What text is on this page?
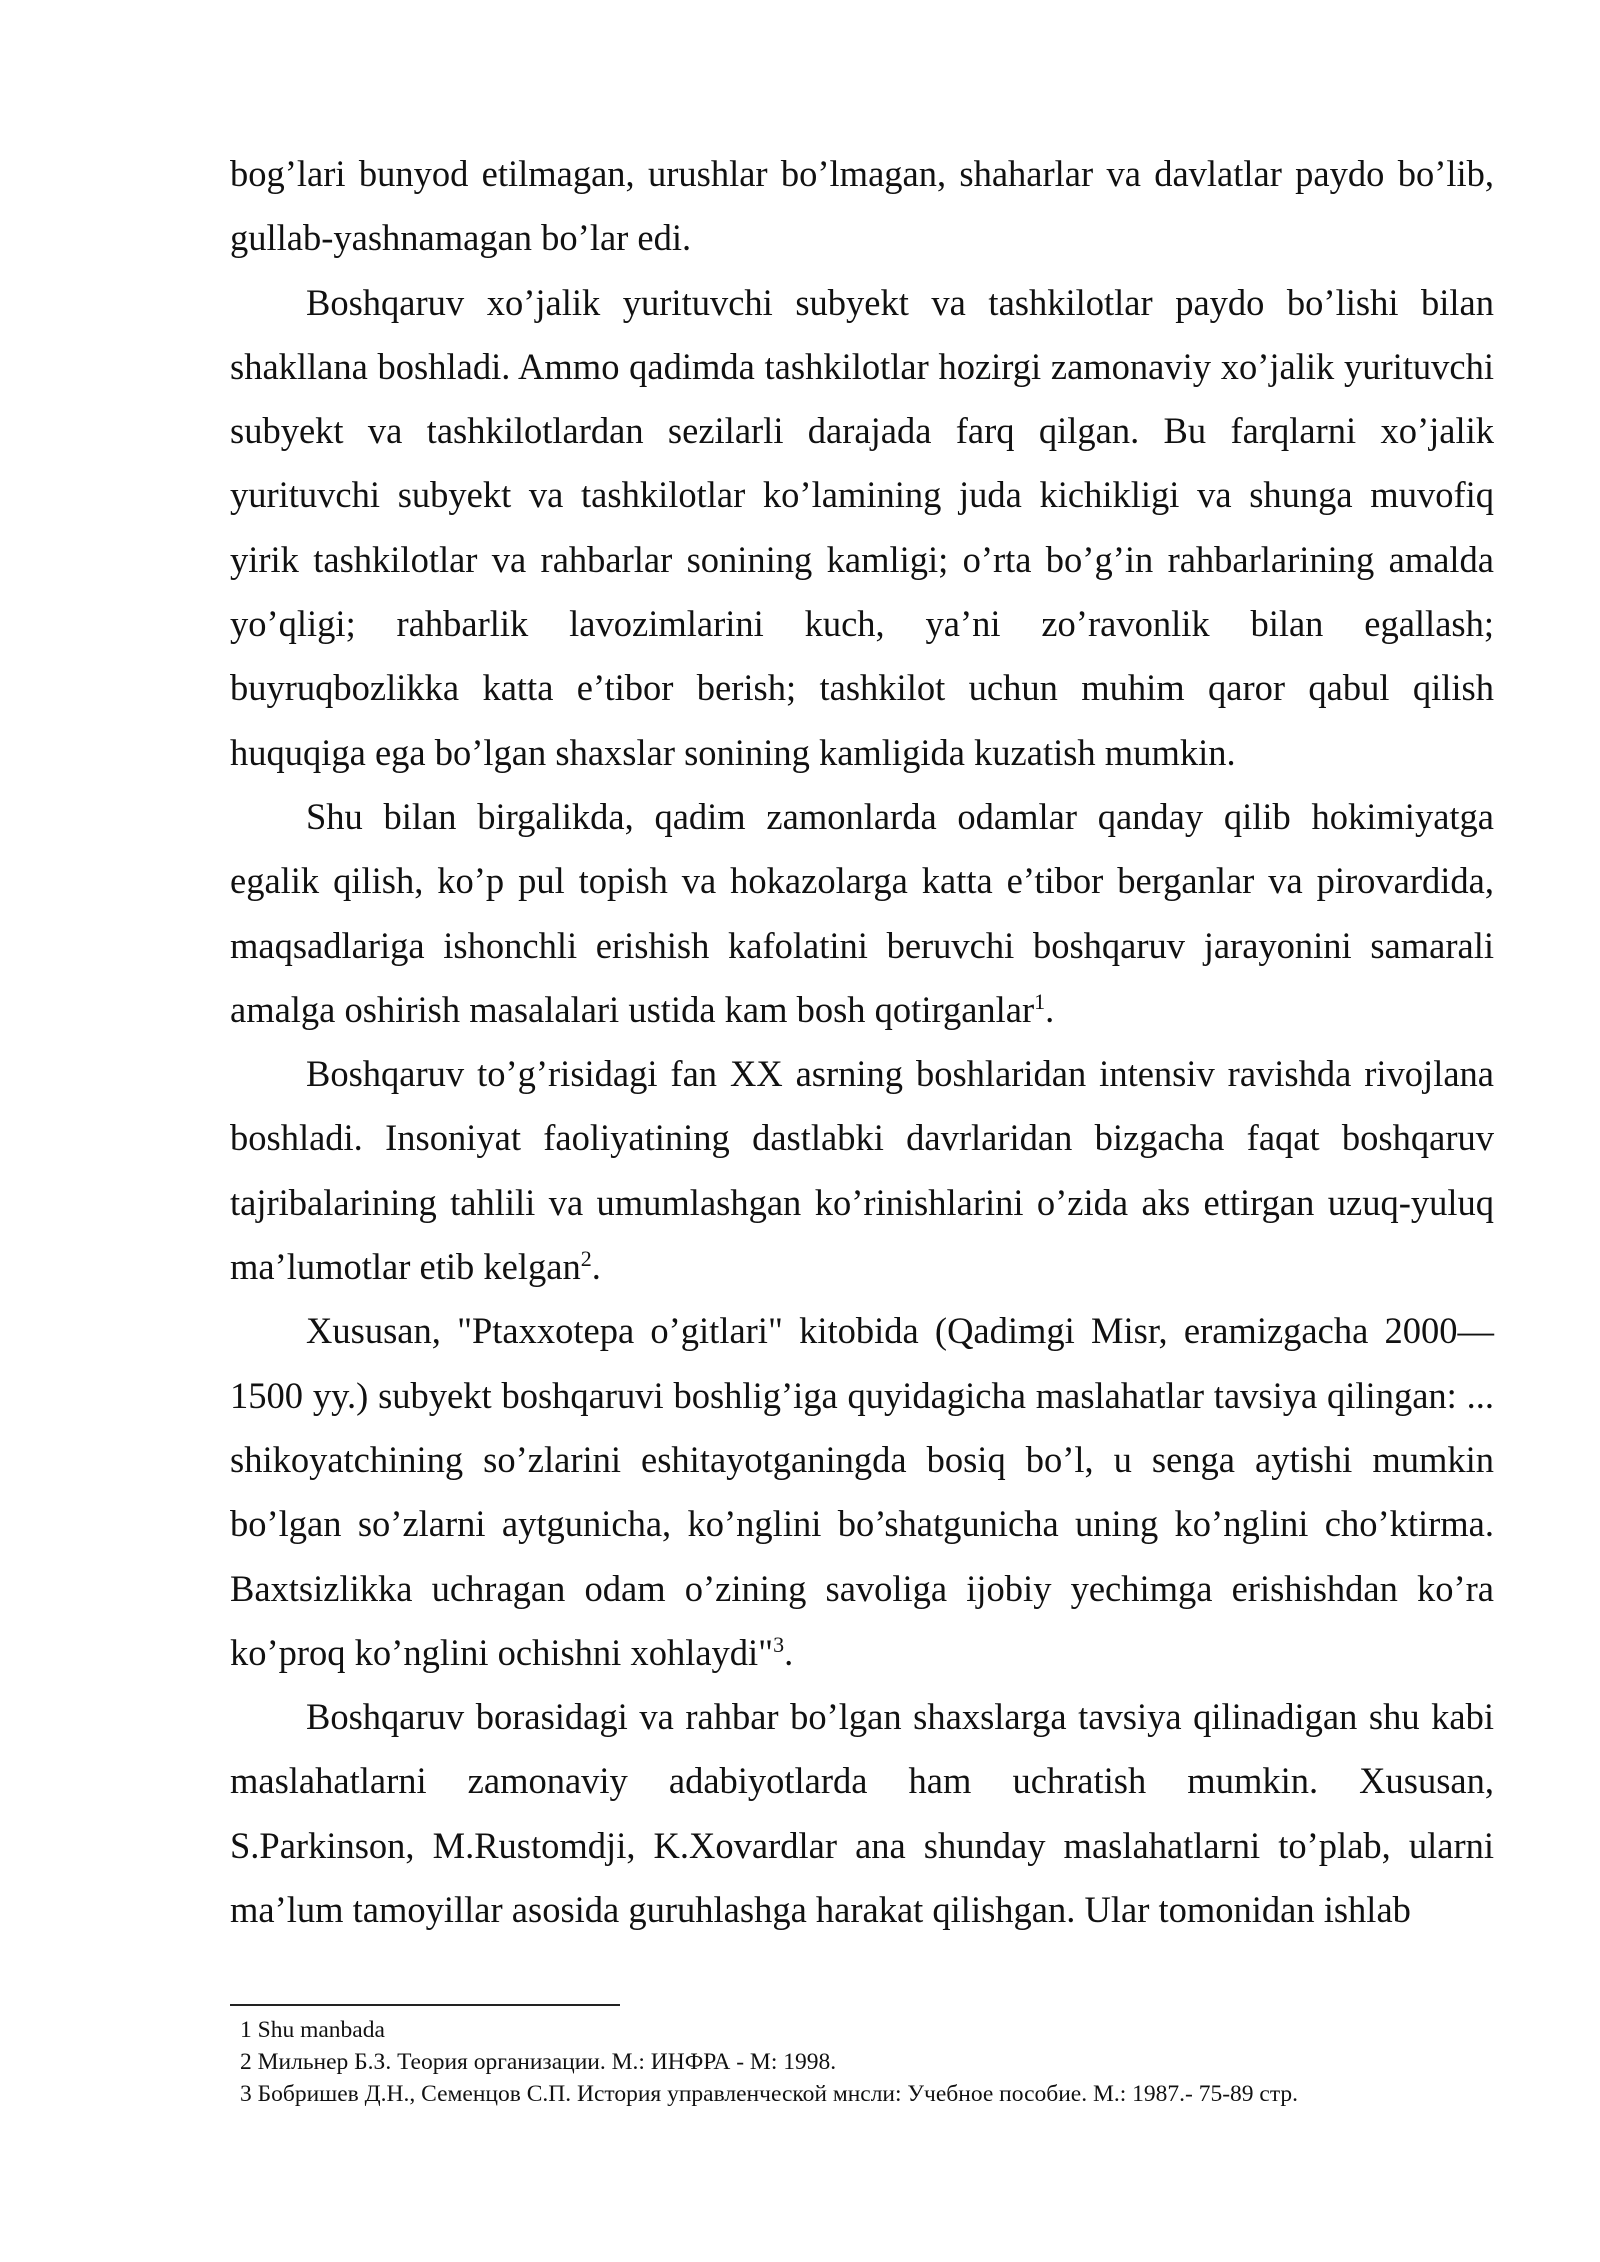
bog’lari bunyod etilmagan, urushlar bo’lmagan, shaharlar va davlatlar paydo bo’lib, gullab-yashnamagan bo’lar edi.

Boshqaruv xo’jalik yurituvchi subyekt va tashkilotlar paydo bo’lishi bilan shakllana boshladi. Ammo qadimda tashkilotlar hozirgi zamonaviy xo’jalik yurituvchi subyekt va tashkilotlardan sezilarli darajada farq qilgan. Bu farqlarni xo’jalik yurituvchi subyekt va tashkilotlar ko’lamining juda kichikligi va shunga muvofiq yirik tashkilotlar va rahbarlar sonining kamligi; o’rta bo’g’in rahbarlarining amalda yo’qligi; rahbarlik lavozimlarini kuch, ya’ni zo’ravonlik bilan egallash; buyruqbozlikka katta e’tibor berish; tashkilot uchun muhim qaror qabul qilish huquqiga ega bo’lgan shaxslar sonining kamligida kuzatish mumkin.

Shu bilan birgalikda, qadim zamonlarda odamlar qanday qilib hokimiyatga egalik qilish, ko’p pul topish va hokazolarga katta e’tibor berganlar va pirovardida, maqsadlariga ishonchli erishish kafolatini beruvchi boshqaruv jarayonini samarali amalga oshirish masalalari ustida kam bosh qotirganlar$^1$.

Boshqaruv to’g’risidagi fan XX asrning boshlaridan intensiv ravishda rivojlana boshladi. Insoniyat faoliyatining dastlabki davrlaridan bizgacha faqat boshqaruv tajribalarining tahlili va umumlashgan ko’rinishlarini o’zida aks ettirgan uzuq-yuluq ma’lumotlar etib kelgan$^2$.

Xususan, "Ptaxxotepa o’gitlari" kitobida (Qadimgi Misr, eramizgacha 2000—1500 yy.) subyekt boshqaruvi boshlig’iga quyidagicha maslahatlar tavsiya qilingan: ... shikoyatchining so’zlarini eshitayotganingda bosiq bo’l, u senga aytishi mumkin bo’lgan so’zlarni aytgunicha, ko’nglini bo’shatgunicha uning ko’nglini cho’ktirma. Baxtsizlikka uchragan odam o’zining savoliga ijobiy yechimga erishishdan ko’ra ko’proq ko’nglini ochishni xohlaydi"$^3$.

Boshqaruv borasidagi va rahbar bo’lgan shaxslarga tavsiya qilinadigan shu kabi maslahatlarni zamonaviy adabiyotlarda ham uchratish mumkin. Xususan, S.Parkinson, M.Rustomdji, K.Xovardlar ana shunday maslahatlarni to’plab, ularni ma’lum tamoyillar asosida guruhlashga harakat qilishgan. Ular tomonidan ishlab

1 Shu manbada
2 Мильнер Б.З. Теория организации. М.: ИНФРА - М: 1998.
3 Бобришев Д.Н., Семенцов С.П. История управленческой мнсли: Учебное пособие. М.: 1987.- 75-89 стр.
